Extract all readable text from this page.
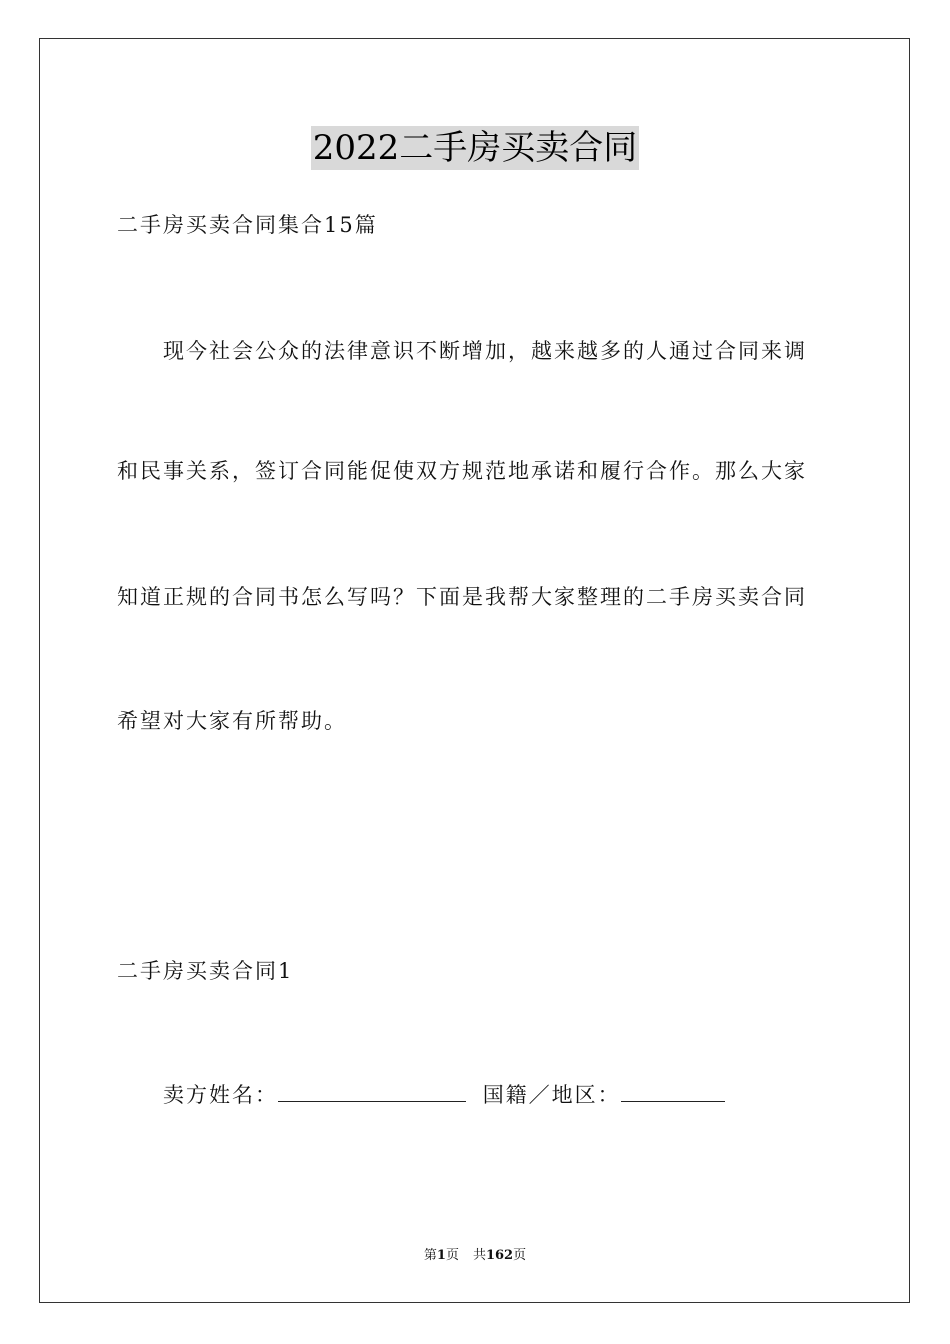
2022二手房买卖合同
二手房买卖合同集合15篇
现今社会公众的法律意识不断增加，越来越多的人通过合同来调
和民事关系，签订合同能促使双方规范地承诺和履行合作。那么大家
知道正规的合同书怎么写吗？下面是我帮大家整理的二手房买卖合同
希望对大家有所帮助。
二手房买卖合同1
卖方姓名：	国籍／地区：
第1页 共162页
